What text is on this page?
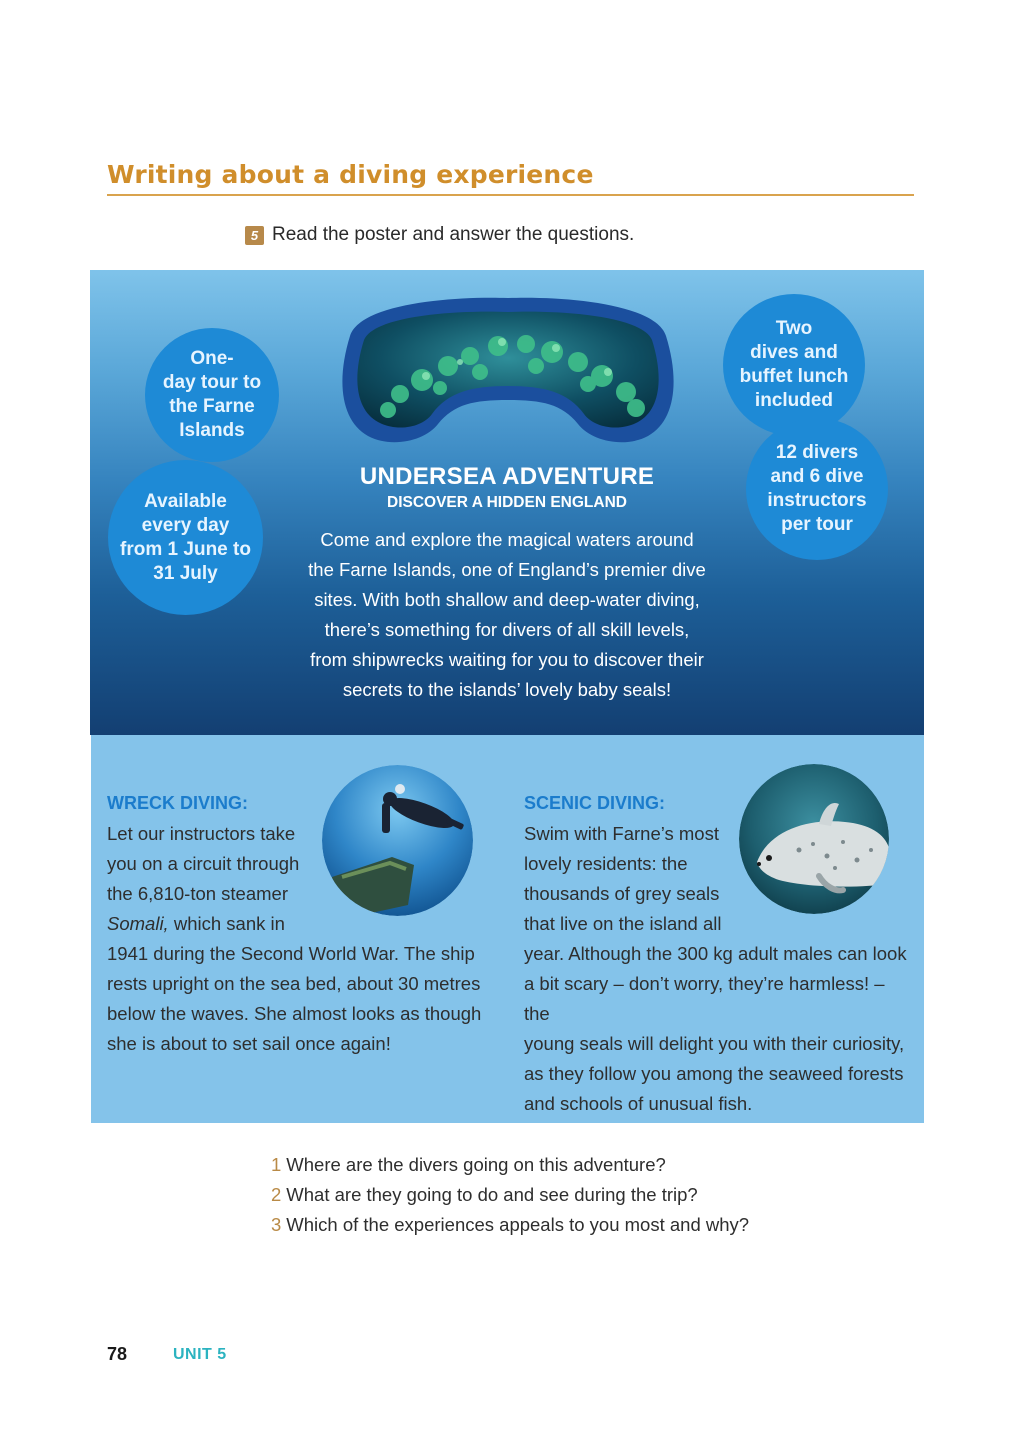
Writing about a diving experience
5 Read the poster and answer the questions.
One-
day tour to
the Farne
Islands
Available
every day
from 1 June to
31 July
Two
dives and
buffet lunch
included
12 divers
and 6 dive
instructors
per tour
UNDERSEA ADVENTURE
DISCOVER A HIDDEN ENGLAND
Come and explore the magical waters around
the Farne Islands, one of England’s premier dive
sites. With both shallow and deep-water diving,
there’s something for divers of all skill levels,
from shipwrecks waiting for you to discover their
secrets to the islands’ lovely baby seals!
WRECK DIVING:
Let our instructors take
you on a circuit through
the 6,810-ton steamer
Somali, which sank in
1941 during the Second World War. The ship
rests upright on the sea bed, about 30 metres
below the waves. She almost looks as though
she is about to set sail once again!
SCENIC DIVING:
Swim with Farne’s most
lovely residents: the
thousands of grey seals
that live on the island all
year. Although the 300 kg adult males can look
a bit scary – don’t worry, they’re harmless! – the
young seals will delight you with their curiosity,
as they follow you among the seaweed forests
and schools of unusual fish.
1 Where are the divers going on this adventure?
2 What are they going to do and see during the trip?
3 Which of the experiences appeals to you most and why?
78	UNIT 5
